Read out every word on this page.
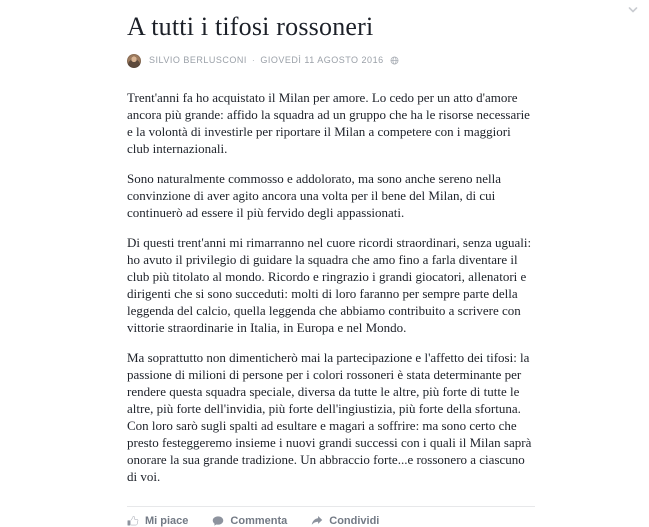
A tutti i tifosi rossoneri
SILVIO BERLUSCONI · GIOVEDÌ 11 AGOSTO 2016

Trent'anni fa ho acquistato il Milan per amore. Lo cedo per un atto d'amore ancora più grande: affido la squadra ad un gruppo che ha le risorse necessarie e la volontà di investirle per riportare il Milan a competere con i maggiori club internazionali.

Sono naturalmente commosso e addolorato, ma sono anche sereno nella convinzione di aver agito ancora una volta per il bene del Milan, di cui continuerò ad essere il più fervido degli appassionati.

Di questi trent'anni mi rimarranno nel cuore ricordi straordinari, senza uguali: ho avuto il privilegio di guidare la squadra che amo fino a farla diventare il club più titolato al mondo. Ricordo e ringrazio i grandi giocatori, allenatori e dirigenti che si sono succeduti: molti di loro faranno per sempre parte della leggenda del calcio, quella leggenda che abbiamo contribuito a scrivere con vittorie straordinarie in Italia, in Europa e nel Mondo.

Ma soprattutto non dimenticherò mai la partecipazione e l'affetto dei tifosi: la passione di milioni di persone per i colori rossoneri è stata determinante per rendere questa squadra speciale, diversa da tutte le altre, più forte di tutte le altre, più forte dell'invidia, più forte dell'ingiustizia, più forte della sfortuna. Con loro sarò sugli spalti ad esultare e magari a soffrire: ma sono certo che presto festeggeremo insieme i nuovi grandi successi con i quali il Milan saprà onorare la sua grande tradizione. Un abbraccio forte...e rossonero a ciascuno di voi.

Mi piace	Commenta	Condividi
